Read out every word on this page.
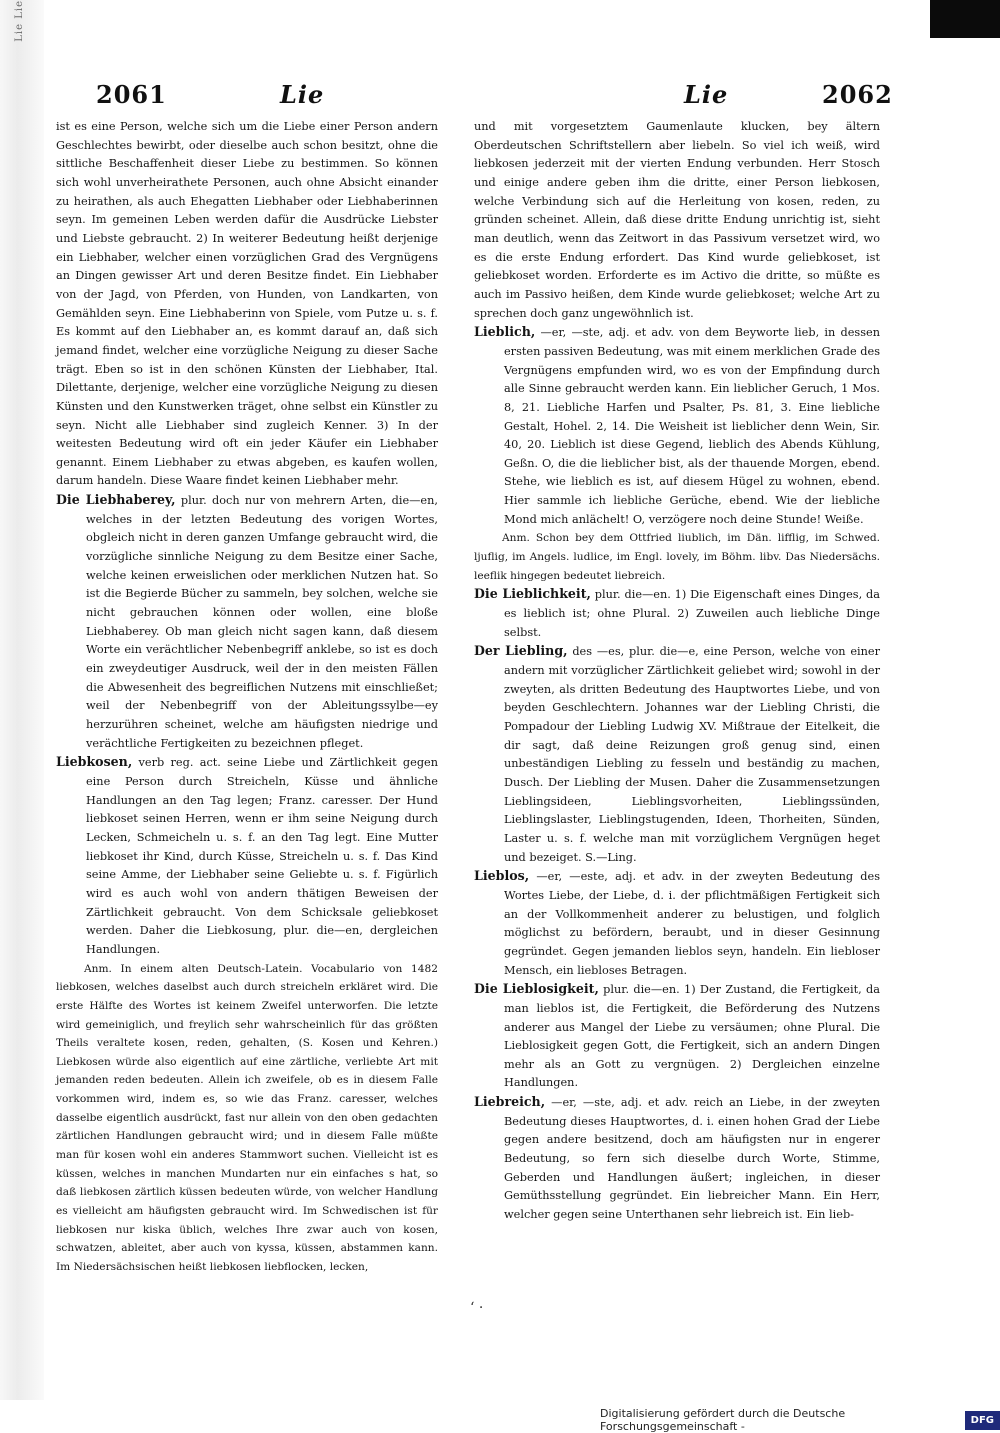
Lie Lie
2061	Lie	Lie	2062

ist es eine Person, welche sich um die Liebe einer Person andern Geschlechtes bewirbt, oder dieselbe auch schon besitzt, ohne die sittliche Beschaffenheit dieser Liebe zu bestimmen. So können sich wohl unverheirathete Personen, auch ohne Absicht einander zu heirathen, als auch Ehegatten Liebhaber oder Liebhaberinnen seyn. Im gemeinen Leben werden dafür die Ausdrücke Liebster und Liebste gebraucht. 2) In weiterer Bedeutung heißt derjenige ein Liebhaber, welcher einen vorzüglichen Grad des Vergnügens an Dingen gewisser Art und deren Besitze findet. Ein Liebhaber von der Jagd, von Pferden, von Hunden, von Landkarten, von Gemählden seyn. Eine Liebhaberinn von Spiele, vom Putze u. s. f. Es kommt auf den Liebhaber an, es kommt darauf an, daß sich jemand findet, welcher eine vorzügliche Neigung zu dieser Sache trägt. Eben so ist in den schönen Künsten der Liebhaber, Ital. Dilettante, derjenige, welcher eine vorzügliche Neigung zu diesen Künsten und den Kunstwerken träget, ohne selbst ein Künstler zu seyn. Nicht alle Liebhaber sind zugleich Kenner. 3) In der weitesten Bedeutung wird oft ein jeder Käufer ein Liebhaber genannt. Einem Liebhaber zu etwas abgeben, es kaufen wollen, darum handeln. Diese Waare findet keinen Liebhaber mehr.

Die Liebhaberey, plur. doch nur von mehrern Arten, die—en, welches in der letzten Bedeutung des vorigen Wortes, obgleich nicht in deren ganzen Umfange gebraucht wird, die vorzügliche sinnliche Neigung zu dem Besitze einer Sache, welche keinen erweislichen oder merklichen Nutzen hat. So ist die Begierde Bücher zu sammeln, bey solchen, welche sie nicht gebrauchen können oder wollen, eine bloße Liebhaberey. Ob man gleich nicht sagen kann, daß diesem Worte ein verächtlicher Nebenbegriff anklebe, so ist es doch ein zweydeutiger Ausdruck, weil der in den meisten Fällen die Abwesenheit des begreiflichen Nutzens mit einschließet; weil der Nebenbegriff von der Ableitungssylbe—ey herzurühren scheinet, welche am häufigsten niedrige und verächtliche Fertigkeiten zu bezeichnen pfleget.

Liebkosen, verb reg. act. seine Liebe und Zärtlichkeit gegen eine Person durch Streicheln, Küsse und ähnliche Handlungen an den Tag legen; Franz. caresser. Der Hund liebkoset seinen Herren, wenn er ihm seine Neigung durch Lecken, Schmeicheln u. s. f. an den Tag legt. Eine Mutter liebkoset ihr Kind, durch Küsse, Streicheln u. s. f. Das Kind seine Amme, der Liebhaber seine Geliebte u. s. f. Figürlich wird es auch wohl von andern thätigen Beweisen der Zärtlichkeit gebraucht. Von dem Schicksale geliebkoset werden. Daher die Liebkosung, plur. die—en, dergleichen Handlungen.

Anm. In einem alten Deutsch-Latein. Vocabulario von 1482 liebkosen, welches daselbst auch durch streicheln erkläret wird. Die erste Hälfte des Wortes ist keinem Zweifel unterworfen. Die letzte wird gemeiniglich, und freylich sehr wahrscheinlich für das größten Theils veraltete kosen, reden, gehalten, (S. Kosen und Kehren.) Liebkosen würde also eigentlich auf eine zärtliche, verliebte Art mit jemanden reden bedeuten. Allein ich zweifele, ob es in diesem Falle vorkommen wird, indem es, so wie das Franz. caresser, welches dasselbe eigentlich ausdrückt, fast nur allein von den oben gedachten zärtlichen Handlungen gebraucht wird; und in diesem Falle müßte man für kosen wohl ein anderes Stammwort suchen. Vielleicht ist es küssen, welches in manchen Mundarten nur ein einfaches s hat, so daß liebkosen zärtlich küssen bedeuten würde, von welcher Handlung es vielleicht am häufigsten gebraucht wird. Im Schwedischen ist für liebkosen nur kiska üblich, welches Ihre zwar auch von kosen, schwatzen, ableitet, aber auch von kyssa, küssen, abstammen kann. Im Niedersächsischen heißt liebkosen liebflocken, lecken,

und mit vorgesetztem Gaumenlaute klucken, bey ältern Oberdeutschen Schriftstellern aber liebeln. So viel ich weiß, wird liebkosen jederzeit mit der vierten Endung verbunden. Herr Stosch und einige andere geben ihm die dritte, einer Person liebkosen, welche Verbindung sich auf die Herleitung von kosen, reden, zu gründen scheinet. Allein, daß diese dritte Endung unrichtig ist, sieht man deutlich, wenn das Zeitwort in das Passivum versetzet wird, wo es die erste Endung erfordert. Das Kind wurde geliebkoset, ist geliebkoset worden. Erforderte es im Activo die dritte, so müßte es auch im Passivo heißen, dem Kinde wurde geliebkoset; welche Art zu sprechen doch ganz ungewöhnlich ist.

Lieblich, —er, —ste, adj. et adv. von dem Beyworte lieb, in dessen ersten passiven Bedeutung, was mit einem merklichen Grade des Vergnügens empfunden wird, wo es von der Empfindung durch alle Sinne gebraucht werden kann. Ein lieblicher Geruch, 1 Mos. 8, 21. Liebliche Harfen und Psalter, Ps. 81, 3. Eine liebliche Gestalt, Hohel. 2, 14. Die Weisheit ist lieblicher denn Wein, Sir. 40, 20. Lieblich ist diese Gegend, lieblich des Abends Kühlung, Geßn. O, die die lieblicher bist, als der thauende Morgen, ebend. Stehe, wie lieblich es ist, auf diesem Hügel zu wohnen, ebend. Hier sammle ich liebliche Gerüche, ebend. Wie der liebliche Mond mich anlächelt! O, verzögere noch deine Stunde! Weiße.

Anm. Schon bey dem Ottfried liublich, im Dän. lifflig, im Schwed. ljuflig, im Angels. ludlice, im Engl. lovely, im Böhm. libv. Das Niedersächs. leeflik hingegen bedeutet liebreich.

Die Lieblichkeit, plur. die—en. 1) Die Eigenschaft eines Dinges, da es lieblich ist; ohne Plural. 2) Zuweilen auch liebliche Dinge selbst.

Der Liebling, des —es, plur. die—e, eine Person, welche von einer andern mit vorzüglicher Zärtlichkeit geliebet wird; sowohl in der zweyten, als dritten Bedeutung des Hauptwortes Liebe, und von beyden Geschlechtern. Johannes war der Liebling Christi, die Pompadour der Liebling Ludwig XV. Mißtraue der Eitelkeit, die dir sagt, daß deine Reizungen groß genug sind, einen unbeständigen Liebling zu fesseln und beständig zu machen, Dusch. Der Liebling der Musen. Daher die Zusammensetzungen Lieblingsideen, Lieblingsvorheiten, Lieblingssünden, Lieblingslaster, Lieblingstugenden, Ideen, Thorheiten, Sünden, Laster u. s. f. welche man mit vorzüglichem Vergnügen heget und bezeiget. S.—Ling.

Lieblos, —er, —este, adj. et adv. in der zweyten Bedeutung des Wortes Liebe, der Liebe, d. i. der pflichtmäßigen Fertigkeit sich an der Vollkommenheit anderer zu belustigen, und folglich möglichst zu befördern, beraubt, und in dieser Gesinnung gegründet. Gegen jemanden lieblos seyn, handeln. Ein liebloser Mensch, ein liebloses Betragen.

Die Lieblosigkeit, plur. die—en. 1) Der Zustand, die Fertigkeit, da man lieblos ist, die Fertigkeit, die Beförderung des Nutzens anderer aus Mangel der Liebe zu versäumen; ohne Plural. Die Lieblosigkeit gegen Gott, die Fertigkeit, sich an andern Dingen mehr als an Gott zu vergnügen. 2) Dergleichen einzelne Handlungen.

Liebreich, —er, —ste, adj. et adv. reich an Liebe, in der zweyten Bedeutung dieses Hauptwortes, d. i. einen hohen Grad der Liebe gegen andere besitzend, doch am häufigsten nur in engerer Bedeutung, so fern sich dieselbe durch Worte, Stimme, Geberden und Handlungen äußert; ingleichen, in dieser Gemüthsstellung gegründet. Ein liebreicher Mann. Ein Herr, welcher gegen seine Unterthanen sehr liebreich ist. Ein lieb-

‘ ·
Digitalisierung gefördert durch die Deutsche Forschungsgemeinschaft -	DFG
